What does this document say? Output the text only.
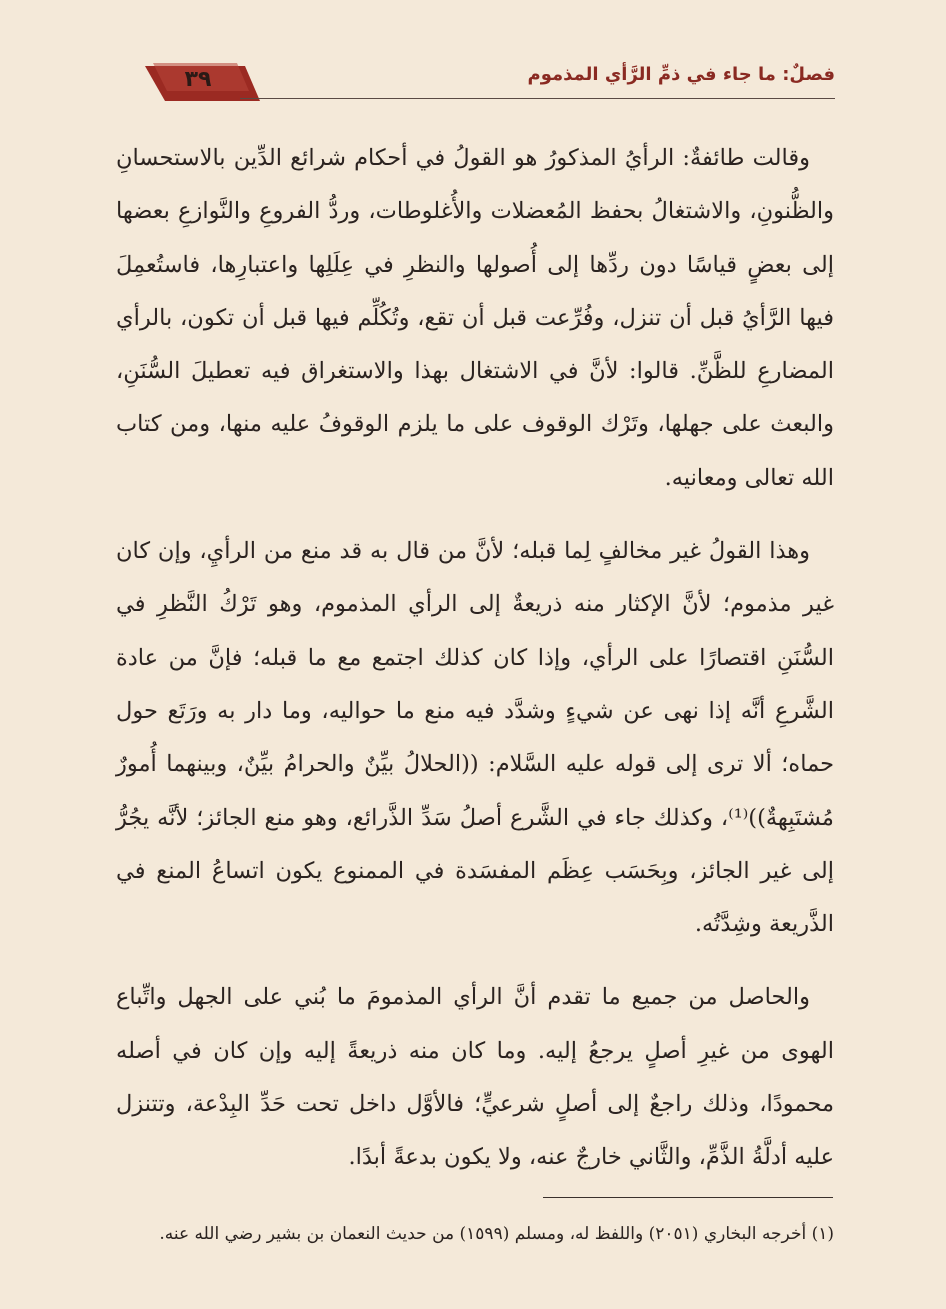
٣٩	فصلٌ: ما جاء في ذمِّ الرَّأي المذموم

وقالت طائفةٌ: الرأيُ المذكورُ هو القولُ في أحكام شرائع الدِّين بالاستحسانِ والظُّنونِ، والاشتغالُ بحفظ المُعضلات والأُغلوطات، وردُّ الفروعِ والنَّوازعِ بعضها إلى بعضٍ قياسًا دون ردِّها إلى أُصولها والنظرِ في عِلَلِها واعتبارِها، فاستُعمِلَ فيها الرَّأيُ قبل أن تنزل، وفُرِّعت قبل أن تقع، وتُكُلِّم فيها قبل أن تكون، بالرأي المضارعِ للظَّنِّ. قالوا: لأنَّ في الاشتغال بهذا والاستغراق فيه تعطيلَ السُّنَنِ، والبعث على جهلها، وتَرْك الوقوف على ما يلزم الوقوفُ عليه منها، ومن كتاب الله تعالى ومعانيه.

وهذا القولُ غير مخالفٍ لِما قبله؛ لأنَّ من قال به قد منع من الرأيِ، وإن كان غير مذموم؛ لأنَّ الإكثار منه ذريعةٌ إلى الرأي المذموم، وهو تَرْكُ النَّظرِ في السُّنَنِ اقتصارًا على الرأي، وإذا كان كذلك اجتمع مع ما قبله؛ فإنَّ من عادة الشَّرعِ أنَّه إذا نهى عن شيءٍ وشدَّد فيه منع ما حواليه، وما دار به ورَتَع حول حماه؛ ألا ترى إلى قوله عليه السَّلام: ((الحلالُ بيِّنٌ والحرامُ بيِّنٌ، وبينهما أُمورٌ مُشتَبِهةٌ))⁽¹⁾، وكذلك جاء في الشَّرع أصلُ سَدِّ الذَّرائع، وهو منع الجائز؛ لأنَّه يجُرُّ إلى غير الجائز، وبِحَسَب عِظَم المفسَدة في الممنوع يكون اتساعُ المنع في الذَّريعة وشِدَّتُه.

والحاصل من جميع ما تقدم أنَّ الرأي المذمومَ ما بُني على الجهل واتِّباع الهوى من غيرِ أصلٍ يرجعُ إليه. وما كان منه ذريعةً إليه وإن كان في أصله محمودًا، وذلك راجعٌ إلى أصلٍ شرعيٍّ؛ فالأوَّل داخل تحت حَدِّ البِدْعة، وتتنزل عليه أدلَّةُ الذَّمِّ، والثَّاني خارجٌ عنه، ولا يكون بدعةً أبدًا.

(١) أخرجه البخاري (٢٠٥١) واللفظ له، ومسلم (١٥٩٩) من حديث النعمان بن بشير رضي الله عنه.
